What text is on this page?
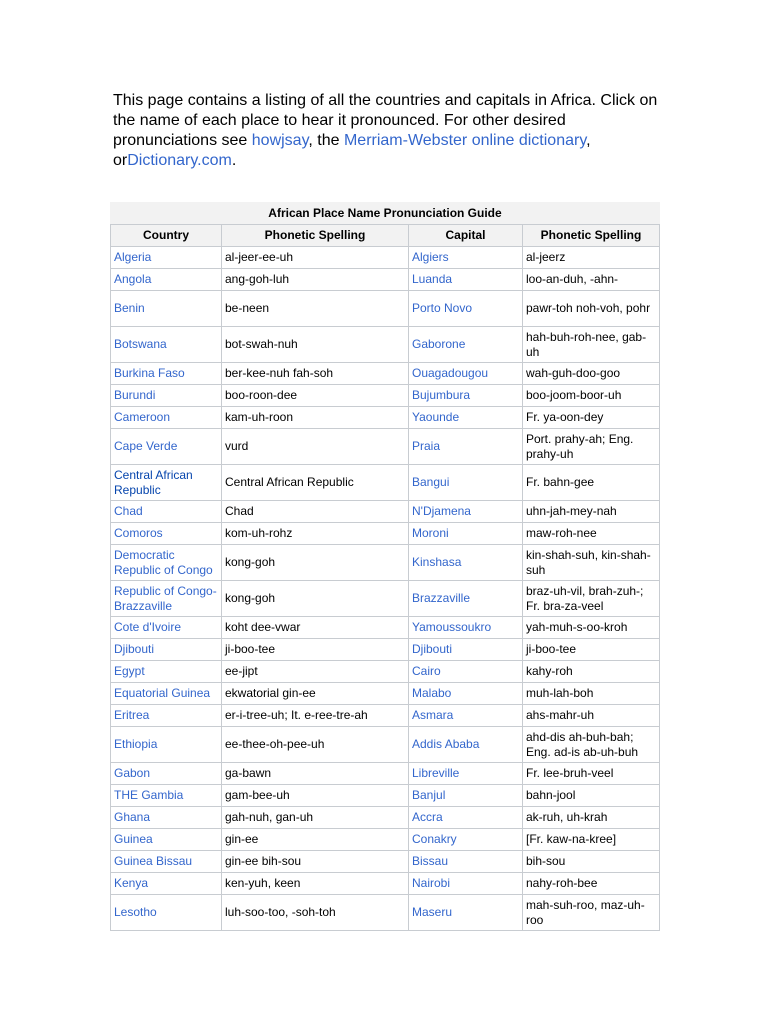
This page contains a listing of all the countries and capitals in Africa. Click on the name of each place to hear it pronounced. For other desired pronunciations see howjsay, the Merriam-Webster online dictionary, orDictionary.com.

African Place Name Pronunciation Guide
Country	Phonetic Spelling	Capital	Phonetic Spelling
Algeria	al-jeer-ee-uh	Algiers	al-jeerz
Angola	ang-goh-luh	Luanda	loo-an-duh, -ahn-
Benin	be-neen	Porto Novo	pawr-toh noh-voh, pohr
Botswana	bot-swah-nuh	Gaborone	hah-buh-roh-nee, gab-uh
Burkina Faso	ber-kee-nuh fah-soh	Ouagadougou	wah-guh-doo-goo
Burundi	boo-roon-dee	Bujumbura	boo-joom-boor-uh
Cameroon	kam-uh-roon	Yaounde	Fr. ya-oon-dey
Cape Verde	vurd	Praia	Port. prahy-ah; Eng. prahy-uh
Central African Republic	Central African Republic	Bangui	Fr. bahn-gee
Chad	Chad	N'Djamena	uhn-jah-mey-nah
Comoros	kom-uh-rohz	Moroni	maw-roh-nee
Democratic Republic of Congo	kong-goh	Kinshasa	kin-shah-suh, kin-shah-suh
Republic of Congo-Brazzaville	kong-goh	Brazzaville	braz-uh-vil, brah-zuh-; Fr. bra-za-veel
Cote d'Ivoire	koht dee-vwar	Yamoussoukro	yah-muh-s-oo-kroh
Djibouti	ji-boo-tee	Djibouti	ji-boo-tee
Egypt	ee-jipt	Cairo	kahy-roh
Equatorial Guinea	ekwatorial gin-ee	Malabo	muh-lah-boh
Eritrea	er-i-tree-uh; It. e-ree-tre-ah	Asmara	ahs-mahr-uh
Ethiopia	ee-thee-oh-pee-uh	Addis Ababa	ahd-dis ah-buh-bah; Eng. ad-is ab-uh-buh
Gabon	ga-bawn	Libreville	Fr. lee-bruh-veel
THE Gambia	gam-bee-uh	Banjul	bahn-jool
Ghana	gah-nuh, gan-uh	Accra	ak-ruh, uh-krah
Guinea	gin-ee	Conakry	[Fr. kaw-na-kree]
Guinea Bissau	gin-ee bih-sou	Bissau	bih-sou
Kenya	ken-yuh, keen	Nairobi	nahy-roh-bee
Lesotho	luh-soo-too, -soh-toh	Maseru	mah-suh-roo, maz-uh-roo
